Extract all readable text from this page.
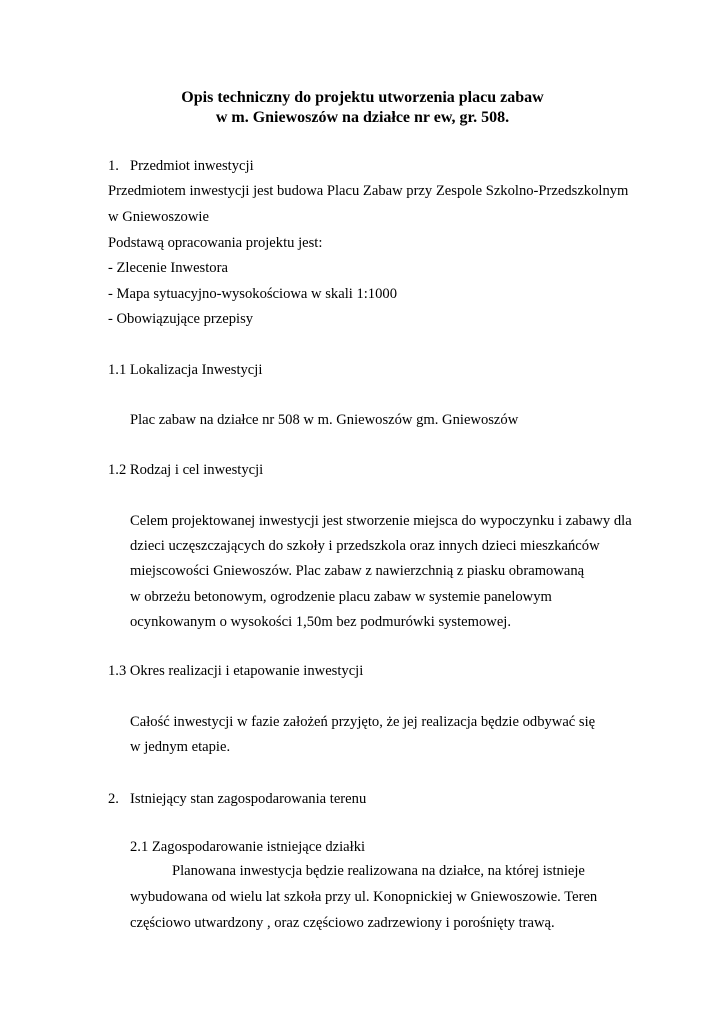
Opis techniczny do projektu utworzenia placu zabaw
w m. Gniewoszów na działce nr ew, gr. 508.
1. Przedmiot inwestycji
Przedmiotem inwestycji jest budowa Placu Zabaw przy Zespole Szkolno-Przedszkolnym
w Gniewoszowie
Podstawą opracowania projektu jest:
- Zlecenie Inwestora
- Mapa sytuacyjno-wysokościowa w skali 1:1000
- Obowiązujące przepisy
1.1 Lokalizacja Inwestycji
Plac zabaw na działce nr 508 w m. Gniewoszów gm. Gniewoszów
1.2 Rodzaj i cel inwestycji
Celem projektowanej inwestycji jest stworzenie miejsca do wypoczynku i zabawy dla
dzieci uczęszczających do szkoły i przedszkola oraz innych dzieci mieszkańców
miejscowości Gniewoszów. Plac zabaw z nawierzchnią z piasku obramowaną
w obrzeżu betonowym, ogrodzenie placu zabaw w systemie panelowym
ocynkowanym o wysokości 1,50m bez podmurówki systemowej.
1.3 Okres realizacji i etapowanie inwestycji
Całość inwestycji w fazie założeń przyjęto, że jej realizacja będzie odbywać się
w jednym etapie.
2. Istniejący stan zagospodarowania terenu
2.1 Zagospodarowanie istniejące działki
Planowana inwestycja będzie realizowana na działce, na której istnieje
wybudowana od wielu lat szkoła przy ul. Konopnickiej w Gniewoszowie. Teren
częściowo utwardzony , oraz częściowo zadrzewiony i porośnięty trawą.
